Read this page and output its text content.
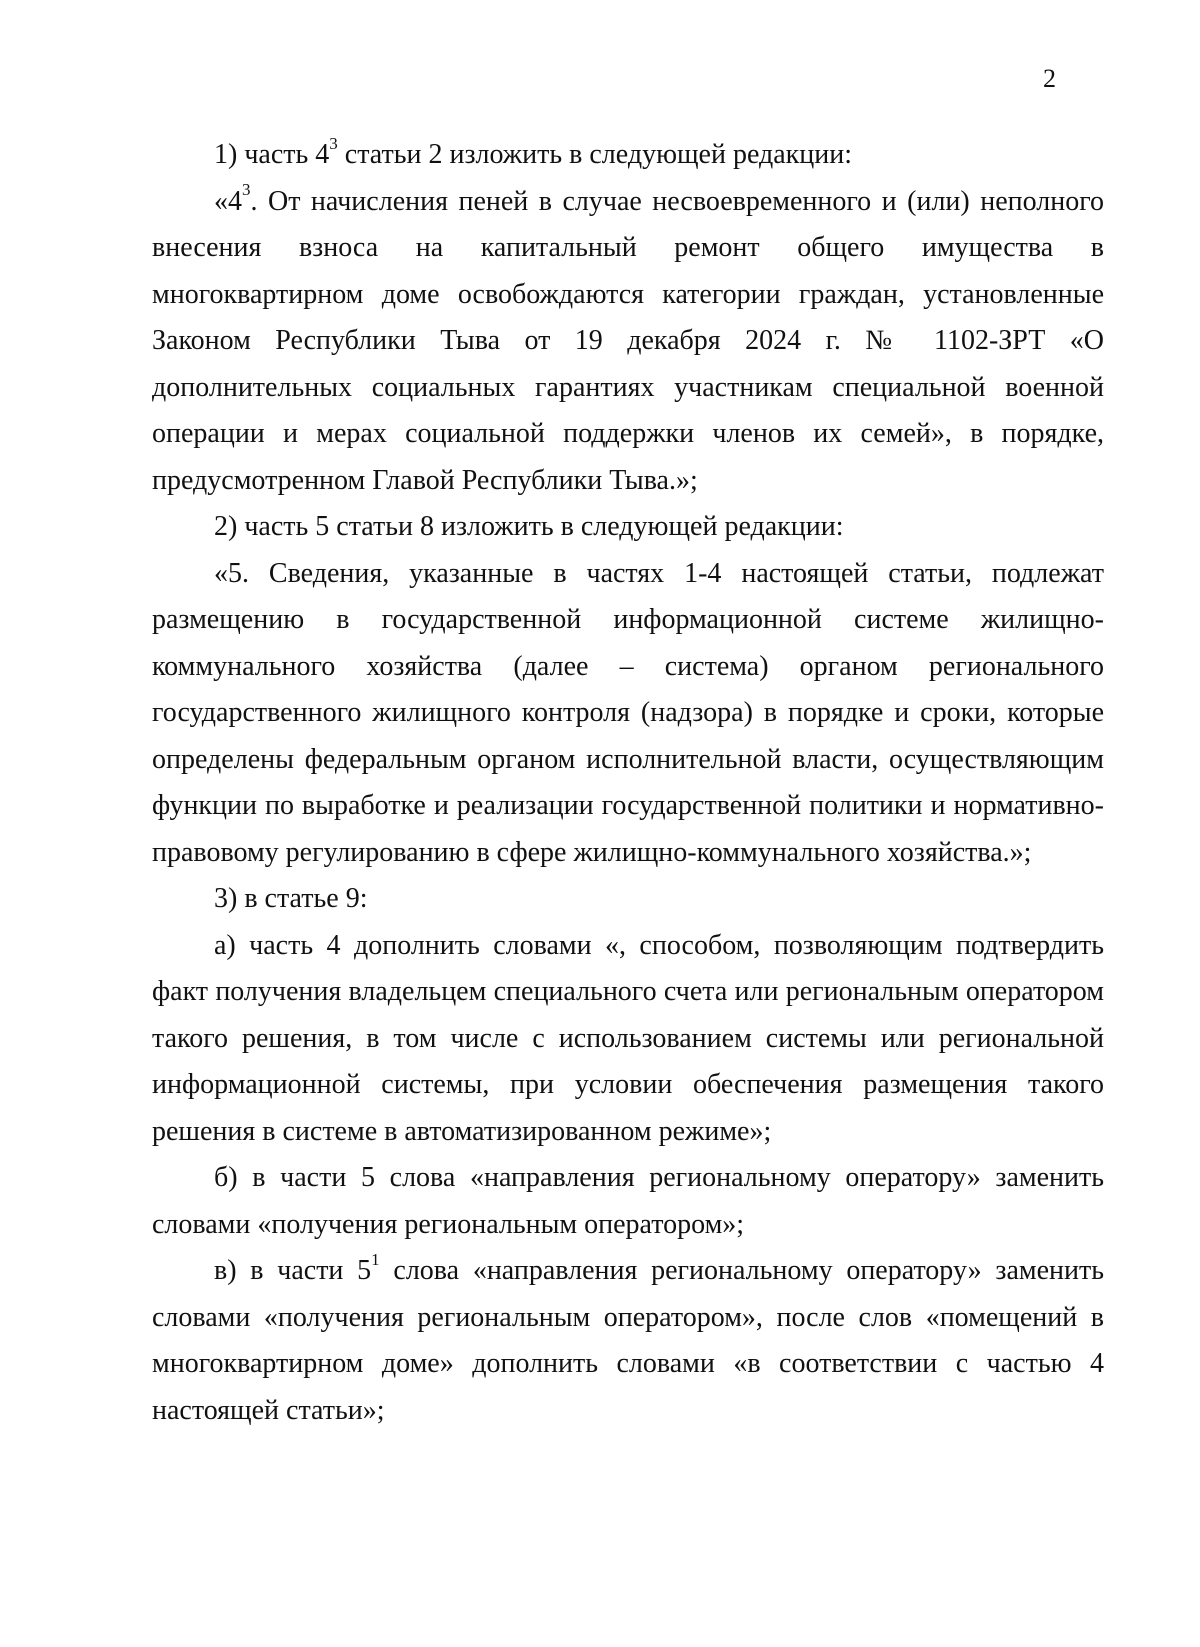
2

1) часть $4^3$ статьи 2 изложить в следующей редакции:

«$4^3$. От начисления пеней в случае несвоевременного и (или) неполного внесения взноса на капитальный ремонт общего имущества в многоквартирном доме освобождаются категории граждан, установленные Законом Республики Тыва от 19 декабря 2024 г. № 1102-ЗРТ «О дополнительных социальных гарантиях участникам специальной военной операции и мерах социальной поддержки членов их семей», в порядке, предусмотренном Главой Республики Тыва.»;

2) часть 5 статьи 8 изложить в следующей редакции:

«5. Сведения, указанные в частях 1-4 настоящей статьи, подлежат размещению в государственной информационной системе жилищно-коммунального хозяйства (далее – система) органом регионального государственного жилищного контроля (надзора) в порядке и сроки, которые определены федеральным органом исполнительной власти, осуществляющим функции по выработке и реализации государственной политики и нормативно-правовому регулированию в сфере жилищно-коммунального хозяйства.»;

3) в статье 9:

а) часть 4 дополнить словами «, способом, позволяющим подтвердить факт получения владельцем специального счета или региональным оператором такого решения, в том числе с использованием системы или региональной информационной системы, при условии обеспечения размещения такого решения в системе в автоматизированном режиме»;

б) в части 5 слова «направления региональному оператору» заменить словами «получения региональным оператором»;

в) в части $5^1$ слова «направления региональному оператору» заменить словами «получения региональным оператором», после слов «помещений в многоквартирном доме» дополнить словами «в соответствии с частью 4 настоящей статьи»;
